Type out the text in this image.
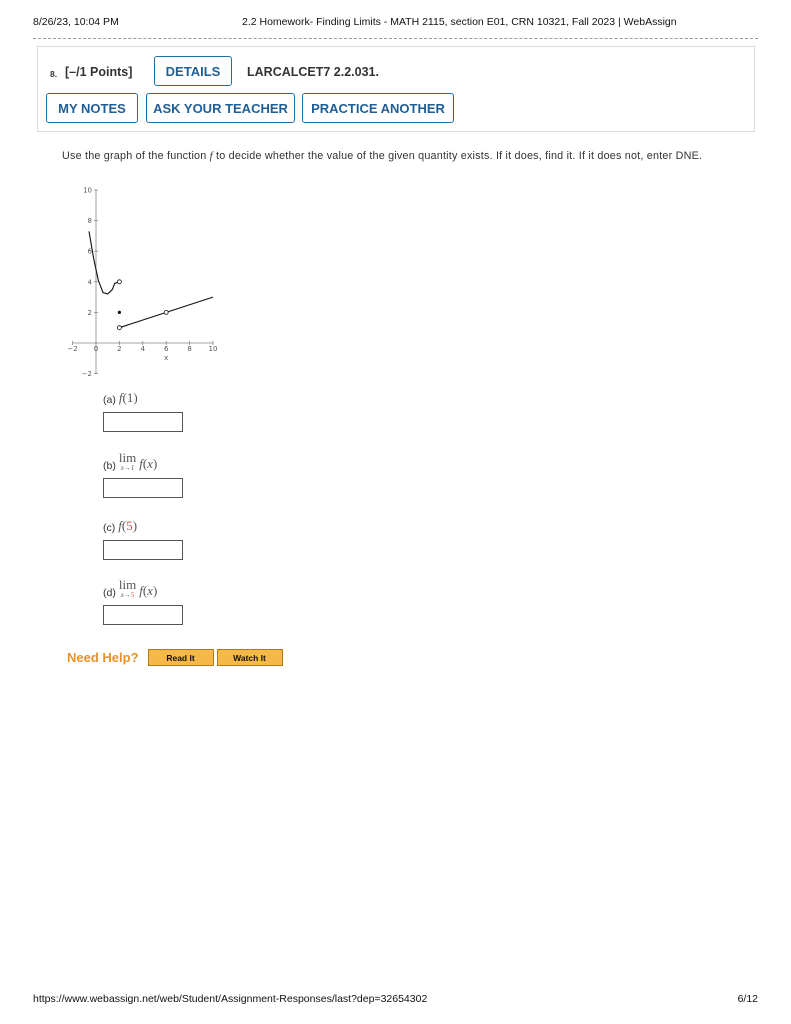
8/26/23, 10:04 PM	2.2 Homework- Finding Limits - MATH 2115, section E01, CRN 10321, Fall 2023 | WebAssign
8. [–/1 Points]	DETAILS	LARCALCET7 2.2.031.
MY NOTES	ASK YOUR TEACHER	PRACTICE ANOTHER
Use the graph of the function f to decide whether the value of the given quantity exists. If it does, find it. If it does not, enter DNE.
−2 0	2	4	6	8 10
−2
2
4
6
8
10
x
(a) f(1)
(b)
lim
x→1 f(x)
(c) f(5)
(d)
lim
x→5 f(x)
Need Help?	Read It	Watch It
https://www.webassign.net/web/Student/Assignment-Responses/last?dep=32654302	6/12
